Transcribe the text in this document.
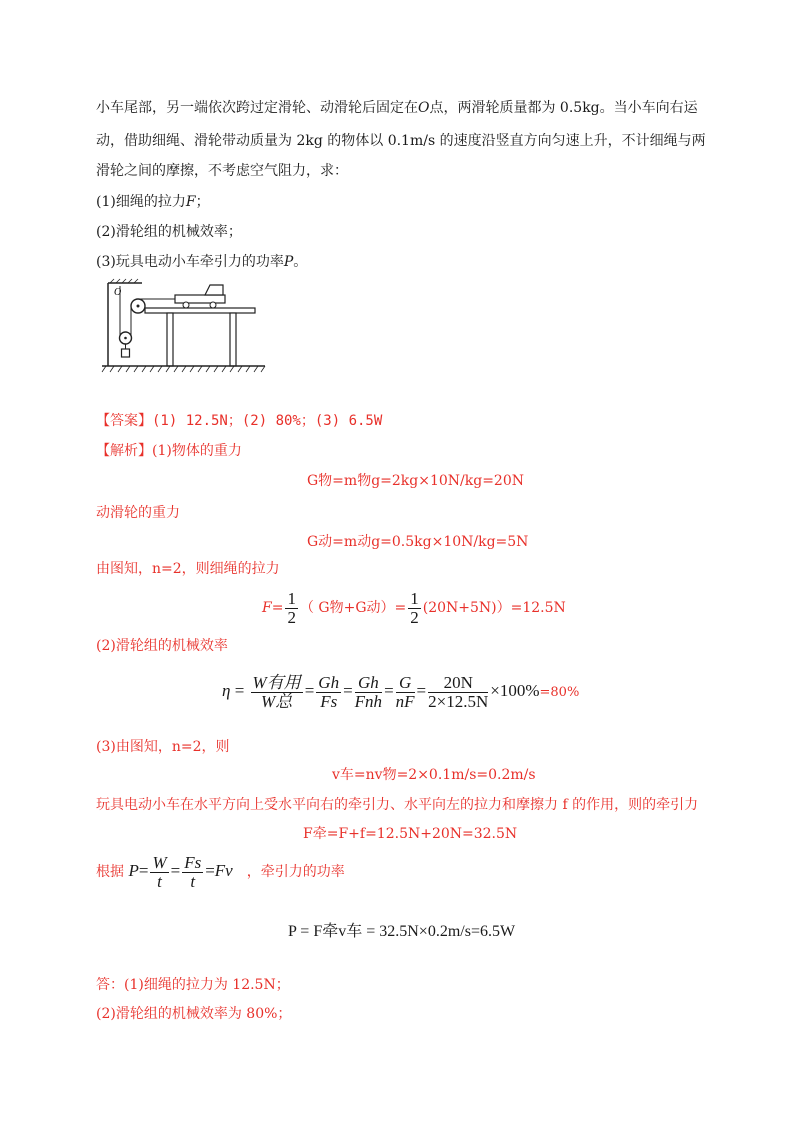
小车尾部，另一端依次跨过定滑轮、动滑轮后固定在O点，两滑轮质量都为 0.5kg。当小车向右运
动，借助细绳、滑轮带动质量为 2kg 的物体以 0.1m/s 的速度沿竖直方向匀速上升，不计细绳与两
滑轮之间的摩擦，不考虑空气阻力，求：
(1)细绳的拉力F；
(2)滑轮组的机械效率；
(3)玩具电动小车牵引力的功率P。
O
【答案】(1) 12.5N；(2) 80%；(3) 6.5W
【解析】(1)物体的重力
G物=m物g=2kg×10N/kg=20N
动滑轮的重力
G动=m动g=0.5kg×10N/kg=5N
由图知，n=2，则细绳的拉力
$F= \frac{1}{2}$ （ G物+G动）= $\frac{1}{2} (20N+5N))=12.5N$
(2)滑轮组的机械效率
$\eta = \frac{\text{W有用}}{\text{W总}} = \frac{Gh}{Fs} = \frac{Gh}{\text{Fnh}} = \frac{G}{nF} = \frac{20N}{2\times 12.5N} \times 100\%=80\%$
(3)由图知，n=2，则
v车=nv物=2×0.1m/s=0.2m/s
玩具电动小车在水平方向上受水平向右的牵引力、水平向左的拉力和摩擦力 f 的作用，则的牵引力
F牵=F+f=12.5N+20N=32.5N
根据 $P= \frac{W}{t} = \frac{Fs}{t} =Fv$ ，牵引力的功率
P = F牵v车 = 32.5N×0.2m/s=6.5W
答：(1)细绳的拉力为 12.5N；
(2)滑轮组的机械效率为 80%；
